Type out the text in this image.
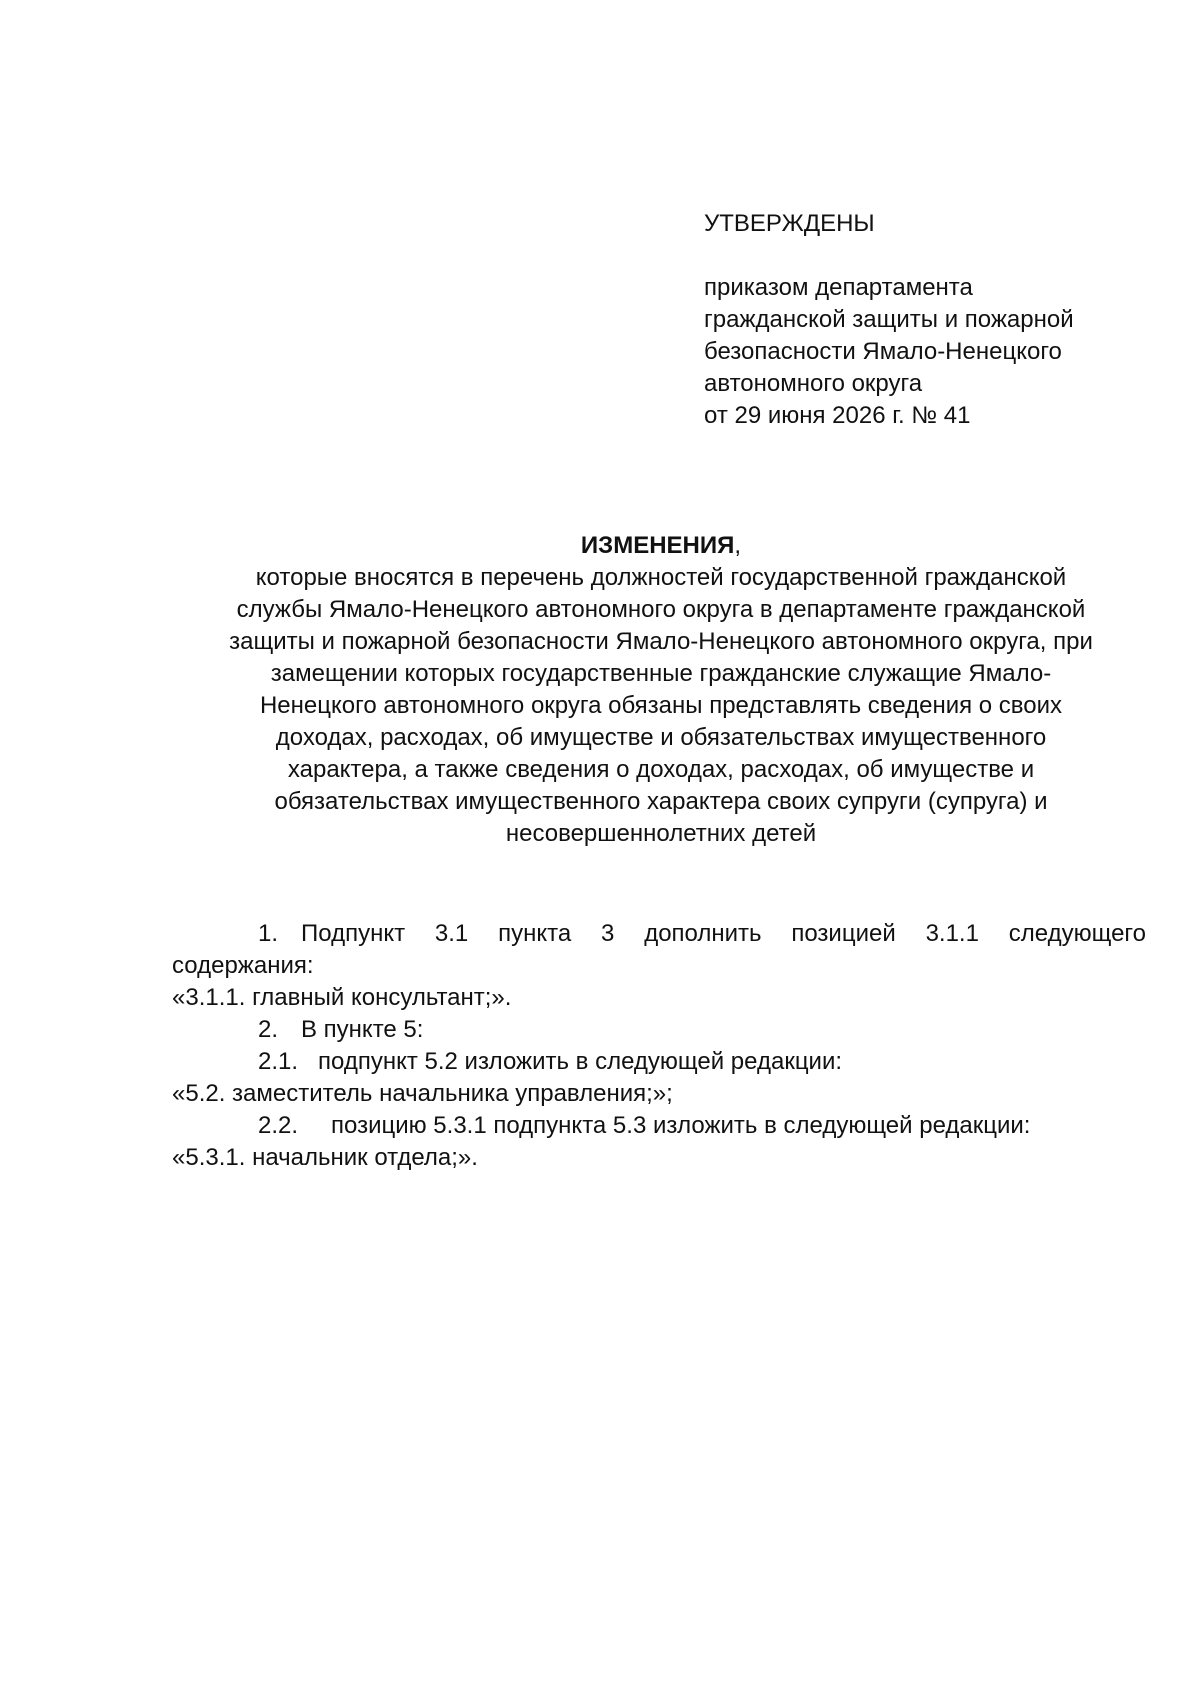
УТВЕРЖДЕНЫ
приказом департамента
гражданской защиты и пожарной
безопасности Ямало-Ненецкого
автономного округа
от 29 июня 2026 г. № 41
ИЗМЕНЕНИЯ,
которые вносятся в перечень должностей государственной гражданской
службы Ямало-Ненецкого автономного округа в департаменте гражданской
защиты и пожарной безопасности Ямало-Ненецкого автономного округа, при
замещении которых государственные гражданские служащие Ямало-
Ненецкого автономного округа обязаны представлять сведения о своих
доходах, расходах, об имуществе и обязательствах имущественного
характера, а также сведения о доходах, расходах, об имуществе и
обязательствах имущественного характера своих супруги (супруга) и
несовершеннолетних детей
1. Подпункт 3.1 пункта 3 дополнить позицией 3.1.1 следующего
содержания:
«3.1.1. главный консультант;».
2. В пункте 5:
2.1. подпункт 5.2 изложить в следующей редакции:
«5.2. заместитель начальника управления;»;
2.2. позицию 5.3.1 подпункта 5.3 изложить в следующей редакции:
«5.3.1. начальник отдела;».
